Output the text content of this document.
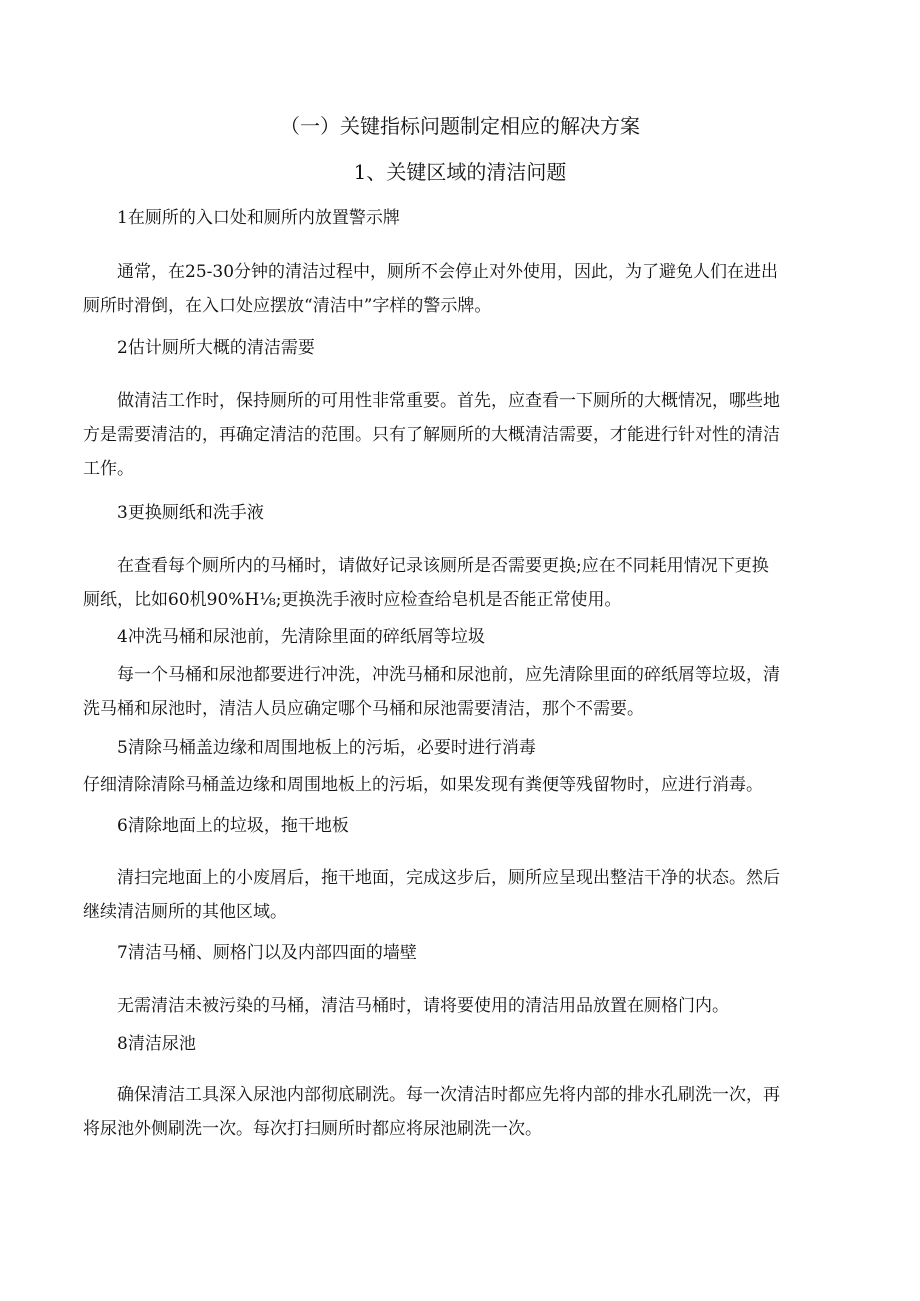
（一）关键指标问题制定相应的解决方案
1、关键区域的清洁问题
1在厕所的入口处和厕所内放置警示牌
通常，在25-30分钟的清洁过程中，厕所不会停止对外使用，因此，为了避免人们在进出
厕所时滑倒，在入口处应摆放“清洁中”字样的警示牌。
2估计厕所大概的清洁需要
做清洁工作时，保持厕所的可用性非常重要。首先，应查看一下厕所的大概情况，哪些地
方是需要清洁的，再确定清洁的范围。只有了解厕所的大概清洁需要，才能进行针对性的清洁
工作。
3更换厕纸和洗手液
在查看每个厕所内的马桶时，请做好记录该厕所是否需要更换;应在不同耗用情况下更换
厕纸，比如60机90%H⅛;更换洗手液时应检查给皂机是否能正常使用。
4冲洗马桶和尿池前，先清除里面的碎纸屑等垃圾
每一个马桶和尿池都要进行冲洗，冲洗马桶和尿池前，应先清除里面的碎纸屑等垃圾，清
洗马桶和尿池时，清洁人员应确定哪个马桶和尿池需要清洁，那个不需要。
5清除马桶盖边缘和周围地板上的污垢，必要时进行消毒
仔细清除清除马桶盖边缘和周围地板上的污垢，如果发现有粪便等残留物时，应进行消毒。
6清除地面上的垃圾，拖干地板
清扫完地面上的小废屑后，拖干地面，完成这步后，厕所应呈现出整洁干净的状态。然后
继续清洁厕所的其他区域。
7清洁马桶、厕格门以及内部四面的墙壁
无需清洁未被污染的马桶，清洁马桶时，请将要使用的清洁用品放置在厕格门内。
8清洁尿池
确保清洁工具深入尿池内部彻底刷洗。每一次清洁时都应先将内部的排水孔刷洗一次，再
将尿池外侧刷洗一次。每次打扫厕所时都应将尿池刷洗一次。
